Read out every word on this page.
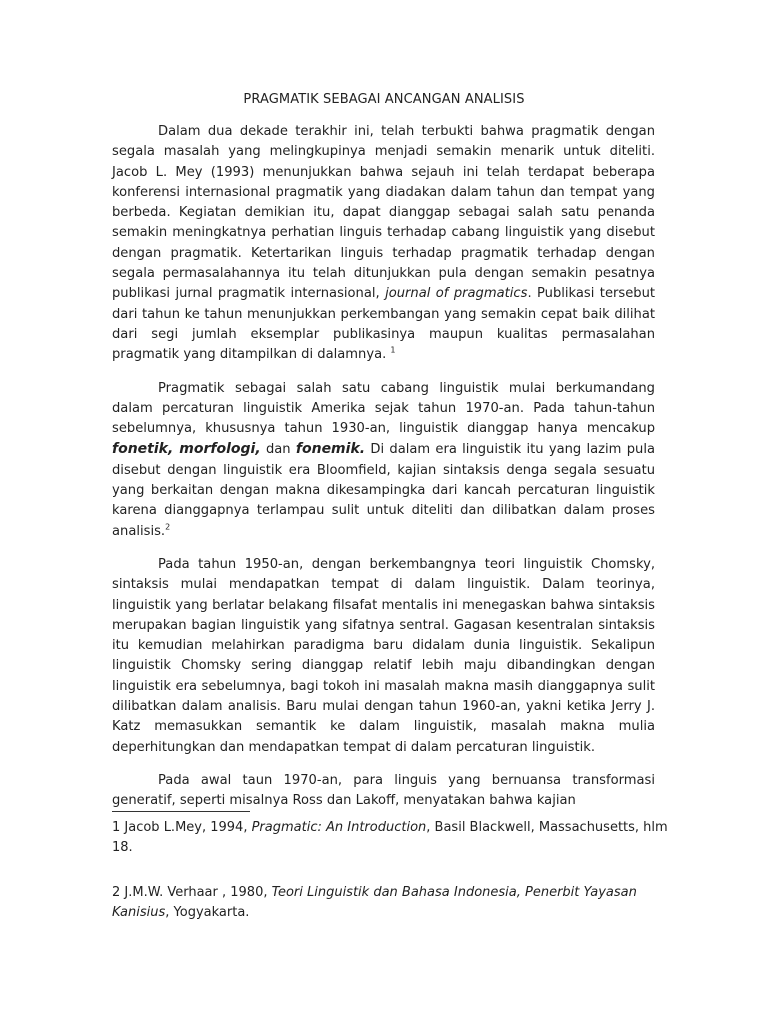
PRAGMATIK SEBAGAI ANCANGAN ANALISIS

Dalam dua dekade terakhir ini, telah terbukti bahwa pragmatik dengan segala masalah yang melingkupinya menjadi semakin menarik untuk diteliti. Jacob L. Mey (1993) menunjukkan bahwa sejauh ini telah terdapat beberapa konferensi internasional pragmatik yang diadakan dalam tahun dan tempat yang berbeda. Kegiatan demikian itu, dapat dianggap sebagai salah satu penanda semakin meningkatnya perhatian linguis terhadap cabang linguistik yang disebut dengan pragmatik. Ketertarikan linguis terhadap pragmatik terhadap dengan segala permasalahannya itu telah ditunjukkan pula dengan semakin pesatnya publikasi jurnal pragmatik internasional, journal of pragmatics. Publikasi tersebut dari tahun ke tahun menunjukkan perkembangan yang semakin cepat baik dilihat dari segi jumlah eksemplar publikasinya maupun kualitas permasalahan pragmatik yang ditampilkan di dalamnya. $^1$

Pragmatik sebagai salah satu cabang linguistik mulai berkumandang dalam percaturan linguistik Amerika sejak tahun 1970-an. Pada tahun-tahun sebelumnya, khususnya tahun 1930-an, linguistik dianggap hanya mencakup fonetik, morfologi, dan fonemik. Di dalam era linguistik itu yang lazim pula disebut dengan linguistik era Bloomfield, kajian sintaksis denga segala sesuatu yang berkaitan dengan makna dikesampingka dari kancah percaturan linguistik karena dianggapnya terlampau sulit untuk diteliti dan dilibatkan dalam proses analisis.$^2$

Pada tahun 1950-an, dengan berkembangnya teori linguistik Chomsky, sintaksis mulai mendapatkan tempat di dalam linguistik. Dalam teorinya, linguistik yang berlatar belakang filsafat mentalis ini menegaskan bahwa sintaksis merupakan bagian linguistik yang sifatnya sentral. Gagasan kesentralan sintaksis itu kemudian melahirkan paradigma baru didalam dunia linguistik. Sekalipun linguistik Chomsky sering dianggap relatif lebih maju dibandingkan dengan linguistik era sebelumnya, bagi tokoh ini masalah makna masih dianggapnya sulit dilibatkan dalam analisis. Baru mulai dengan tahun 1960-an, yakni ketika Jerry J. Katz memasukkan semantik ke dalam linguistik, masalah makna mulia deperhitungkan dan mendapatkan tempat di dalam percaturan linguistik.

Pada awal taun 1970-an, para linguis yang bernuansa transformasi generatif, seperti misalnya Ross dan Lakoff, menyatakan bahwa kajian

1 Jacob L.Mey, 1994, Pragmatic: An Introduction, Basil Blackwell, Massachusetts, hlm 18.
2 J.M.W. Verhaar , 1980, Teori Linguistik dan Bahasa Indonesia, Penerbit Yayasan Kanisius, Yogyakarta.
